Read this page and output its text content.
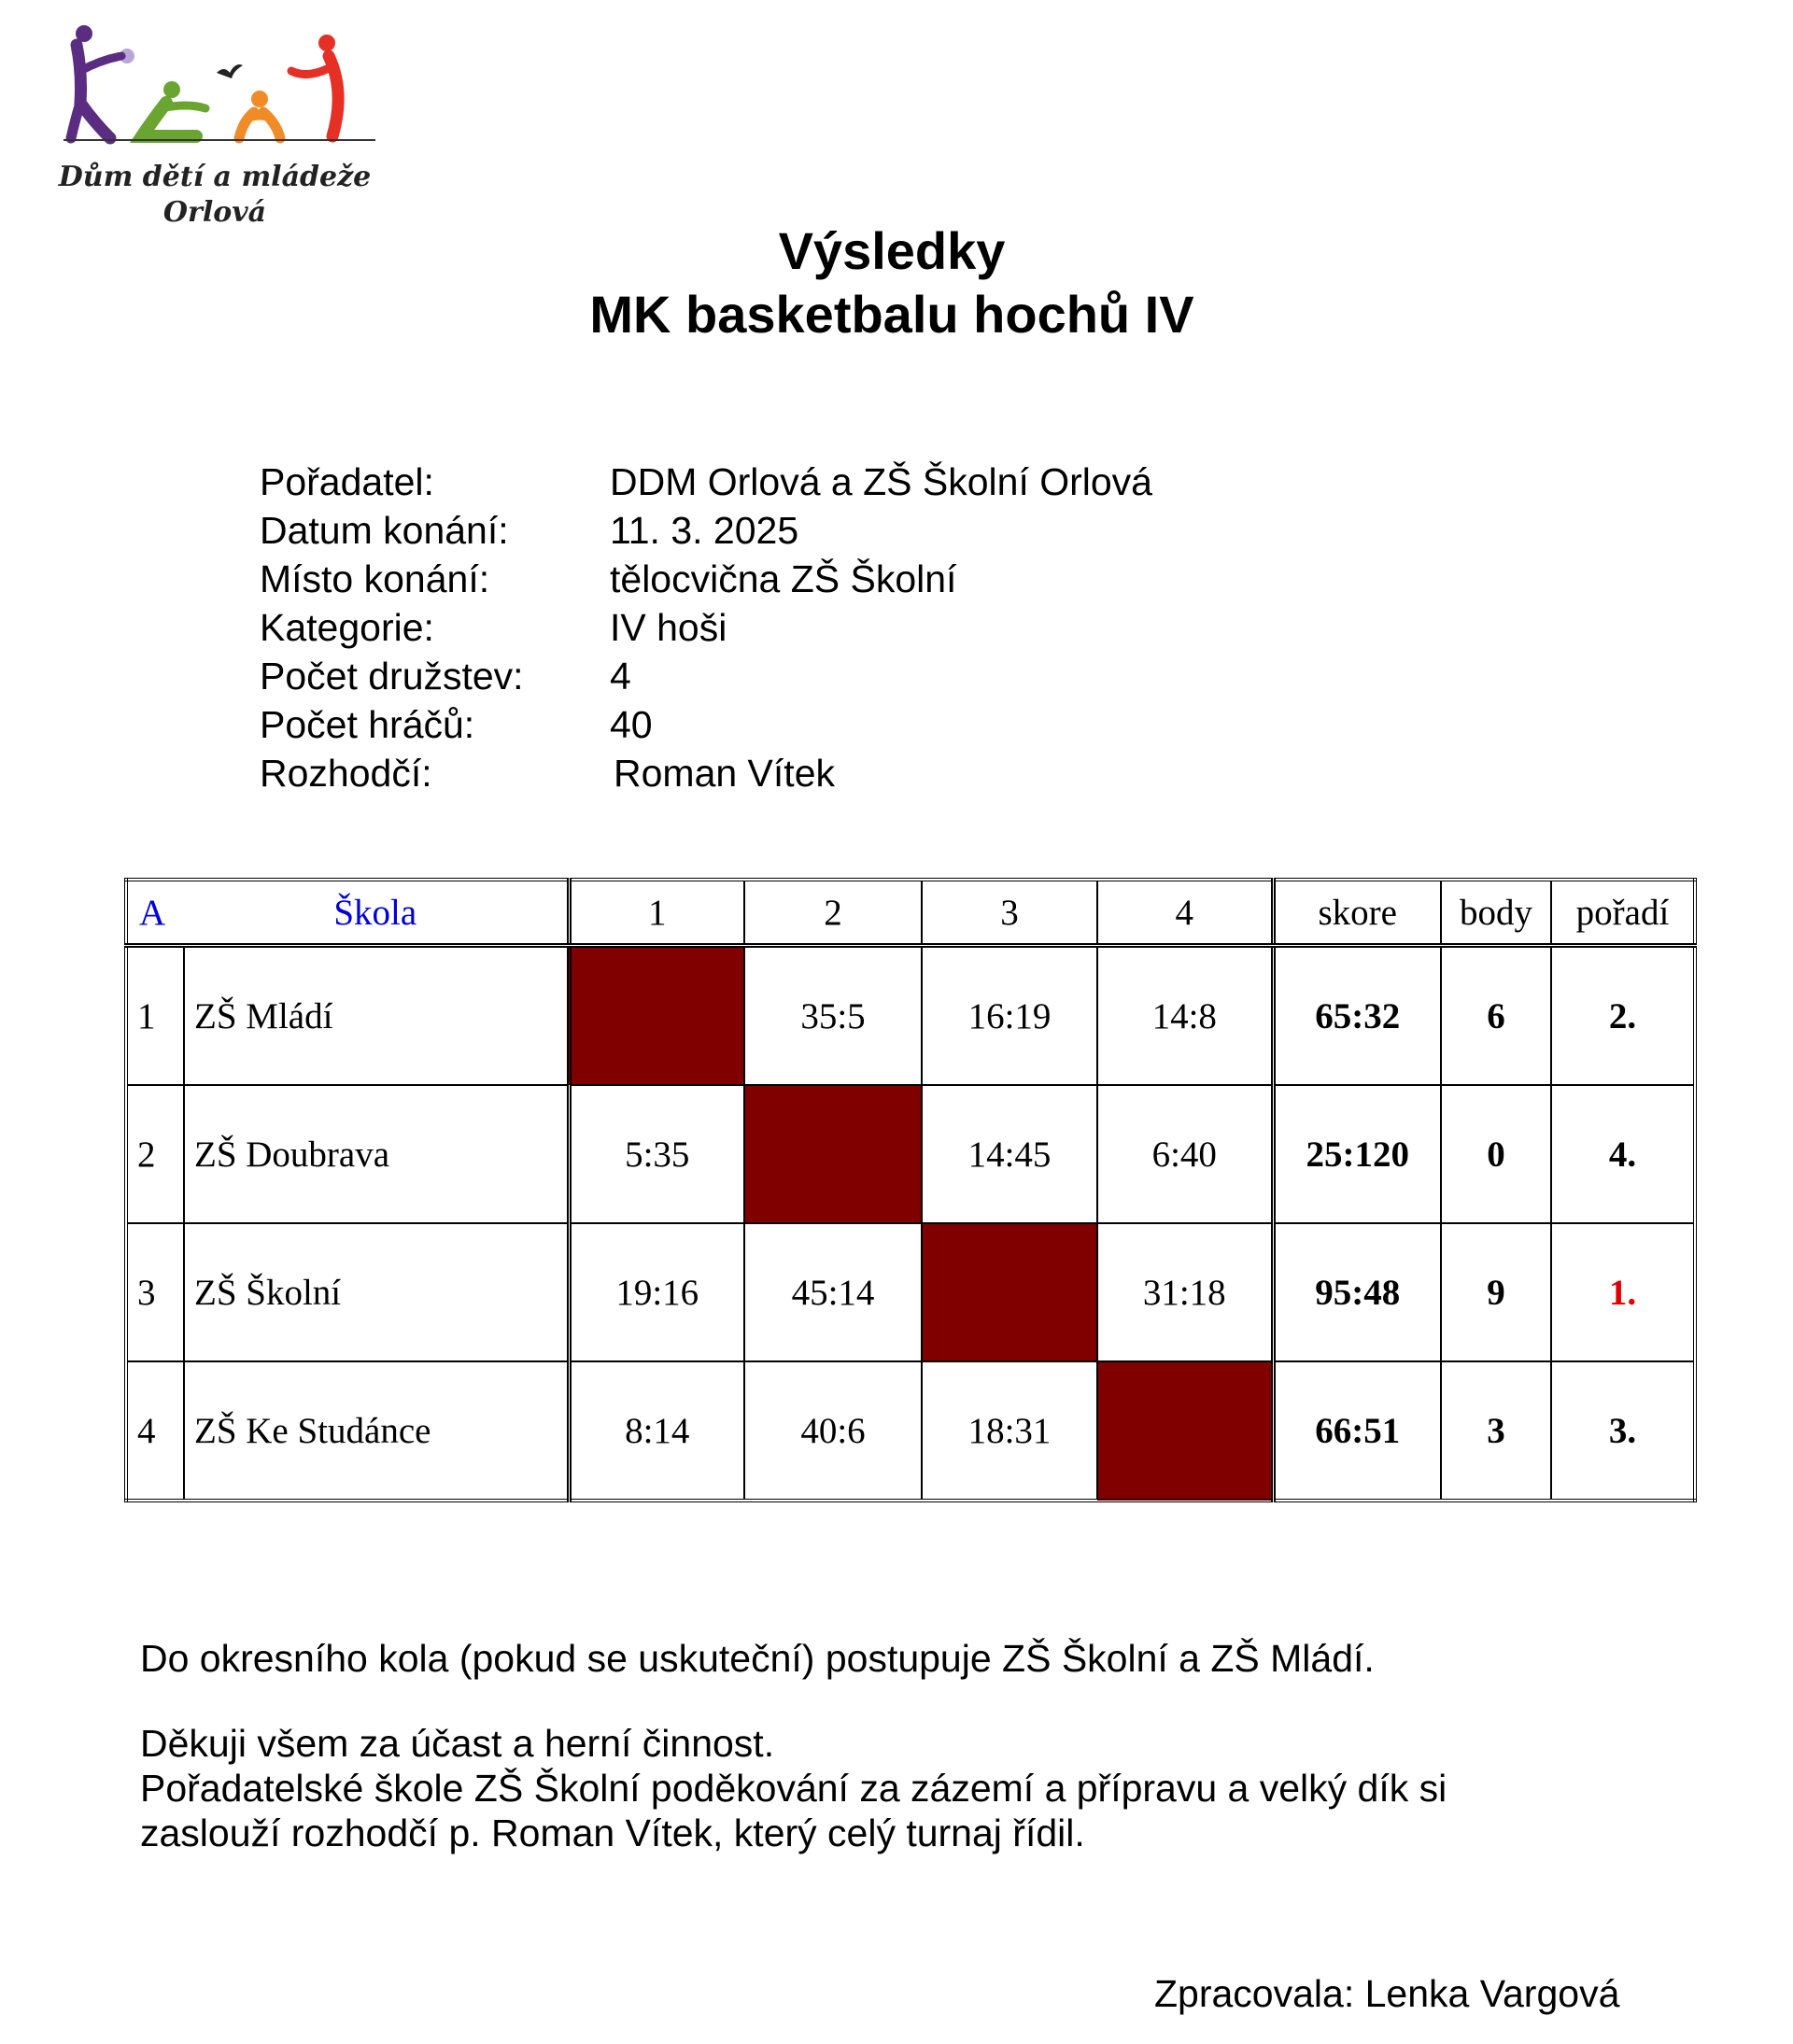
Dům dětí a mládeže
Orlová
Výsledky
MK basketbalu hochů IV
Pořadatel:	DDM Orlová a ZŠ Školní Orlová
Datum konání:	11. 3. 2025
Místo konání:	tělocvična ZŠ Školní
Kategorie:	IV hoši
Počet družstev:	4
Počet hráčů:	40
Rozhodčí:	Roman Vítek
A	Škola	1	2	3	4	skore	body	pořadí
1	ZŠ Mládí		35:5	16:19	14:8	65:32	6	2.
2	ZŠ Doubrava	5:35		14:45	6:40	25:120	0	4.
3	ZŠ Školní	19:16	45:14		31:18	95:48	9	1.
4	ZŠ Ke Studánce	8:14	40:6	18:31		66:51	3	3.
Do okresního kola (pokud se uskuteční) postupuje ZŠ Školní a ZŠ Mládí.
Děkuji všem za účast a herní činnost.
Pořadatelské škole ZŠ Školní poděkování za zázemí a přípravu a velký dík si
zaslouží rozhodčí p. Roman Vítek, který celý turnaj řídil.
Zpracovala: Lenka Vargová
